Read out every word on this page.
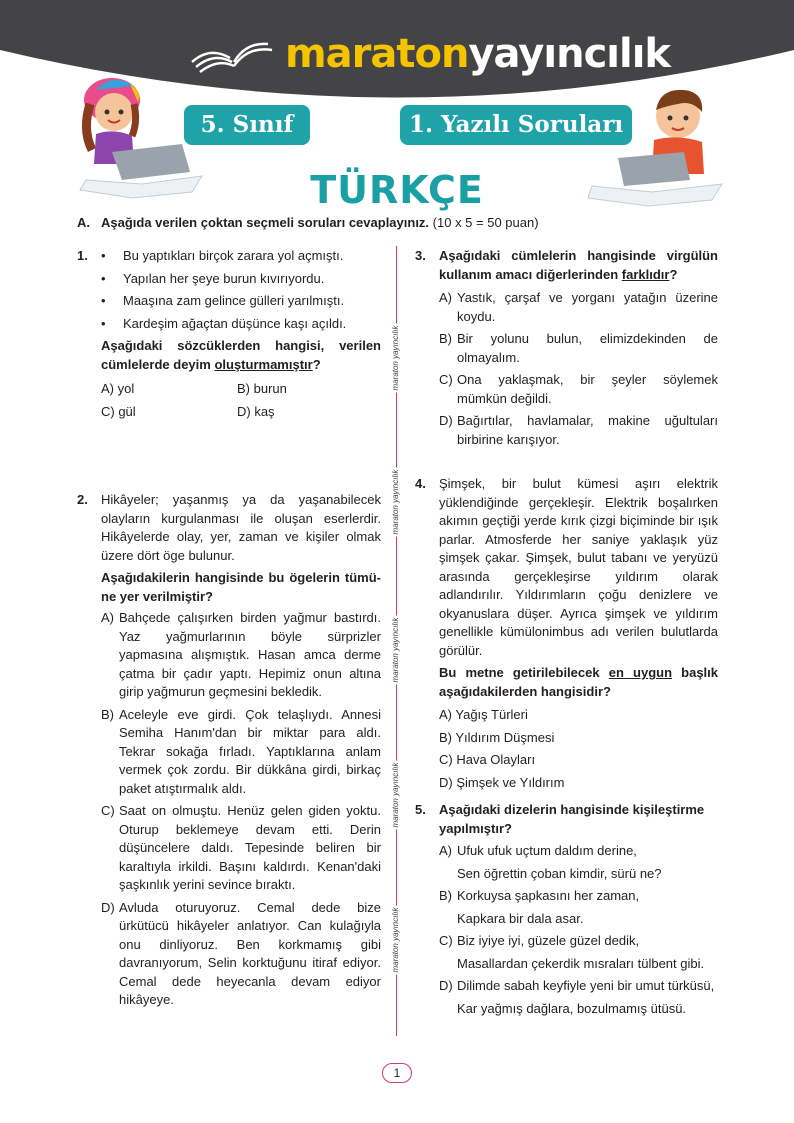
maratonyayıncılık
5. Sınıf	1. Yazılı Soruları
TÜRKÇE
A. Aşağıda verilen çoktan seçmeli soruları cevaplayınız. (10 x 5 = 50 puan)
maraton yayıncılık
maraton yayıncılık
maraton yayıncılık
maraton yayıncılık
maraton yayıncılık
1.
•	Bu yaptıkları birçok zarara yol açmıştı.
• Yapılan her şeye burun kıvırıyordu.
• Maaşına zam gelince gülleri yarılmıştı.
• Kardeşim ağaçtan düşünce kaşı açıldı.
Aşağıdaki sözcüklerden hangisi, verilen cümlelerde deyim oluşturmamıştır?
A) yol	B) burun
C) gül	D) kaş
2. Hikâyeler; yaşanmış ya da yaşanabilecek olayların kurgulanması ile oluşan eserlerdir. Hikâyelerde olay, yer, zaman ve kişiler olmak üzere dört öge bulunur.
Aşağıdakilerin hangisinde bu ögelerin tümü-ne yer verilmiştir?
A) Bahçede çalışırken birden yağmur bastırdı. Yaz yağmurlarının böyle sürprizler yapmasına alışmıştık. Hasan amca derme çatma bir çadır yaptı. Hepimiz onun altına girip yağmurun geçmesini bekledik.
B) Aceleyle eve girdi. Çok telaşlıydı. Annesi Semiha Hanım'dan bir miktar para aldı. Tekrar sokağa fırladı. Yaptıklarına anlam vermek çok zordu. Bir dükkâna girdi, birkaç paket atıştırmalık aldı.
C) Saat on olmuştu. Henüz gelen giden yoktu. Oturup beklemeye devam etti. Derin düşüncelere daldı. Tepesinde beliren bir karaltıyla irkildi. Başını kaldırdı. Kenan'daki şaşkınlık yerini sevince bıraktı.
D) Avluda oturuyoruz. Cemal dede bize ürkütücü hikâyeler anlatıyor. Can kulağıyla onu dinliyoruz. Ben korkmamış gibi davranıyorum, Selin korktuğunu itiraf ediyor. Cemal dede heyecanla devam ediyor hikâyeye.
3. Aşağıdaki cümlelerin hangisinde virgülün kullanım amacı diğerlerinden farklıdır?
A) Yastık, çarşaf ve yorganı yatağın üzerine koydu.
B) Bir yolunu bulun, elimizdekinden de olmayalım.
C) Ona yaklaşmak, bir şeyler söylemek mümkün değildi.
D) Bağırtılar, havlamalar, makine uğultuları birbirine karışıyor.
4. Şimşek, bir bulut kümesi aşırı elektrik yüklendiğinde gerçekleşir. Elektrik boşalırken akımın geçtiği yerde kırık çizgi biçiminde bir ışık parlar. Atmosferde her saniye yaklaşık yüz şimşek çakar. Şimşek, bulut tabanı ve yeryüzü arasında gerçekleşirse yıldırım olarak adlandırılır. Yıldırımların çoğu denizlere ve okyanuslara düşer. Ayrıca şimşek ve yıldırım genellikle kümülonimbus adı verilen bulutlarda görülür.
Bu metne getirilebilecek en uygun başlık aşağıdakilerden hangisidir?
A) Yağış Türleri
B) Yıldırım Düşmesi
C) Hava Olayları
D) Şimşek ve Yıldırım
5. Aşağıdaki dizelerin hangisinde kişileştirme yapılmıştır?
A) Ufuk ufuk uçtum daldım derine,
Sen öğrettin çoban kimdir, sürü ne?
B) Korkuysa şapkasını her zaman,
Kapkara bir dala asar.
C) Biz iyiye iyi, güzele güzel dedik,
Masallardan çekerdik mısraları tülbent gibi.
D) Dilimde sabah keyfiyle yeni bir umut türküsü,
Kar yağmış dağlara, bozulmamış ütüsü.
1
